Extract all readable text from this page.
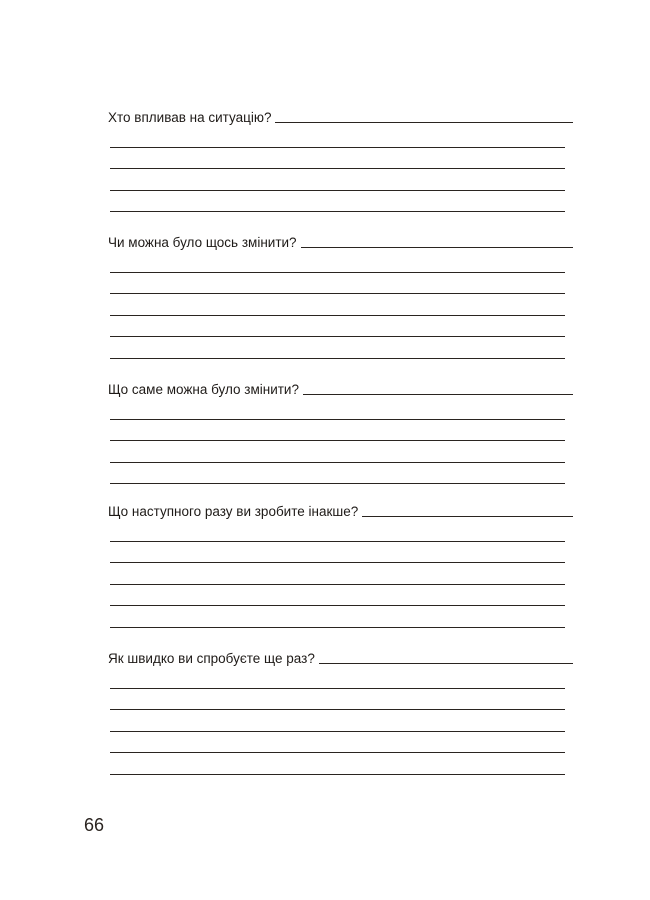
Хто впливав на ситуацію?
Чи можна було щось змінити?
Що саме можна було змінити?
Що наступного разу ви зробите інакше?
Як швидко ви спробуєте ще раз?
66
